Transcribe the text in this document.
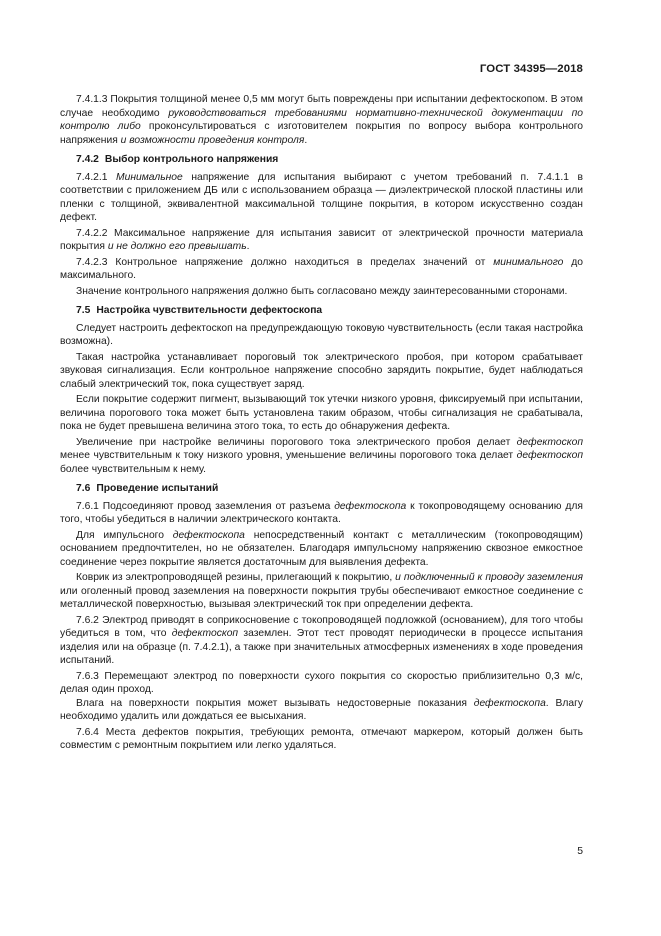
ГОСТ 34395—2018

7.4.1.3 Покрытия толщиной менее 0,5 мм могут быть повреждены при испытании дефектоскопом. В этом случае необходимо руководствоваться требованиями нормативно-технической документации по контролю либо проконсультироваться с изготовителем покрытия по вопросу выбора контрольного напряжения и возможности проведения контроля.

7.4.2 Выбор контрольного напряжения

7.4.2.1 Минимальное напряжение для испытания выбирают с учетом требований п. 7.4.1.1 в соответствии с приложением ДБ или с использованием образца — диэлектрической плоской пластины или пленки с толщиной, эквивалентной максимальной толщине покрытия, в котором искусственно создан дефект.

7.4.2.2 Максимальное напряжение для испытания зависит от электрической прочности материала покрытия и не должно его превышать.

7.4.2.3 Контрольное напряжение должно находиться в пределах значений от минимального до максимального.

Значение контрольного напряжения должно быть согласовано между заинтересованными сторонами.

7.5 Настройка чувствительности дефектоскопа

Следует настроить дефектоскоп на предупреждающую токовую чувствительность (если такая настройка возможна).

Такая настройка устанавливает пороговый ток электрического пробоя, при котором срабатывает звуковая сигнализация. Если контрольное напряжение способно зарядить покрытие, будет наблюдаться слабый электрический ток, пока существует заряд.

Если покрытие содержит пигмент, вызывающий ток утечки низкого уровня, фиксируемый при испытании, величина порогового тока может быть установлена таким образом, чтобы сигнализация не срабатывала, пока не будет превышена величина этого тока, то есть до обнаружения дефекта.

Увеличение при настройке величины порогового тока электрического пробоя делает дефектоскоп менее чувствительным к току низкого уровня, уменьшение величины порогового тока делает дефектоскоп более чувствительным к нему.

7.6 Проведение испытаний

7.6.1 Подсоединяют провод заземления от разъема дефектоскопа к токопроводящему основанию для того, чтобы убедиться в наличии электрического контакта.

Для импульсного дефектоскопа непосредственный контакт с металлическим (токопроводящим) основанием предпочтителен, но не обязателен. Благодаря импульсному напряжению сквозное емкостное соединение через покрытие является достаточным для выявления дефекта.

Коврик из электропроводящей резины, прилегающий к покрытию, и подключенный к проводу заземления или оголенный провод заземления на поверхности покрытия трубы обеспечивают емкостное соединение с металлической поверхностью, вызывая электрический ток при определении дефекта.

7.6.2 Электрод приводят в соприкосновение с токопроводящей подложкой (основанием), для того чтобы убедиться в том, что дефектоскоп заземлен. Этот тест проводят периодически в процессе испытания изделия или на образце (п. 7.4.2.1), а также при значительных атмосферных изменениях в ходе проведения испытаний.

7.6.3 Перемещают электрод по поверхности сухого покрытия со скоростью приблизительно 0,3 м/с, делая один проход.

Влага на поверхности покрытия может вызывать недостоверные показания дефектоскопа. Влагу необходимо удалить или дождаться ее высыхания.

7.6.4 Места дефектов покрытия, требующих ремонта, отмечают маркером, который должен быть совместим с ремонтным покрытием или легко удаляться.

5
